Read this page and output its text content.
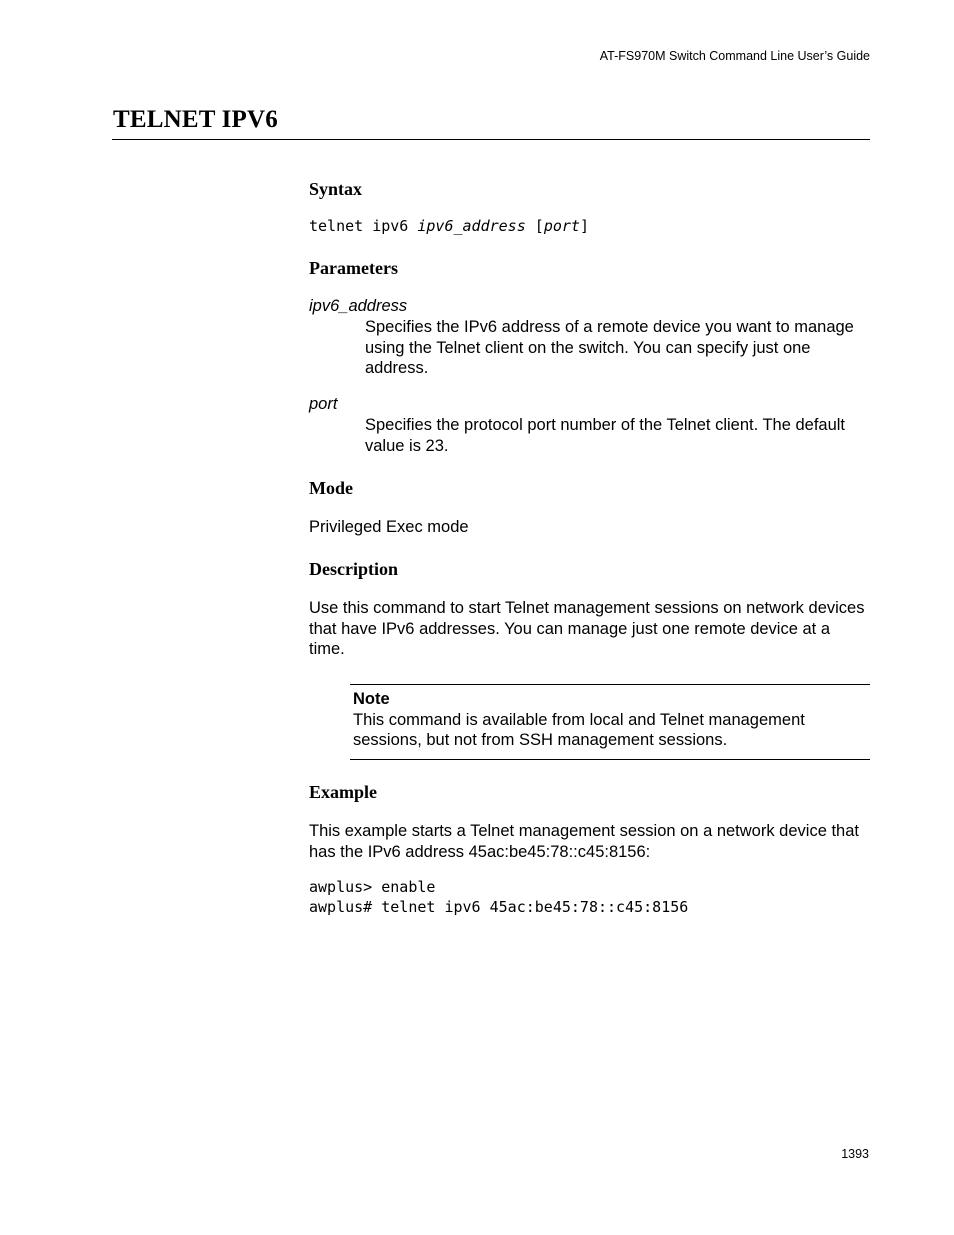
AT-FS970M Switch Command Line User’s Guide
TELNET IPV6
Syntax

telnet ipv6 ipv6_address [port]

Parameters

ipv6_address

Specifies the IPv6 address of a remote device you want to manage using the Telnet client on the switch. You can specify just one address.

port

Specifies the protocol port number of the Telnet client. The default value is 23.

Mode

Privileged Exec mode

Description

Use this command to start Telnet management sessions on network devices that have IPv6 addresses. You can manage just one remote device at a time.

Note

This command is available from local and Telnet management sessions, but not from SSH management sessions.

Example

This example starts a Telnet management session on a network device that has the IPv6 address 45ac:be45:78::c45:8156:

awplus> enable

awplus# telnet ipv6 45ac:be45:78::c45:8156

1393
